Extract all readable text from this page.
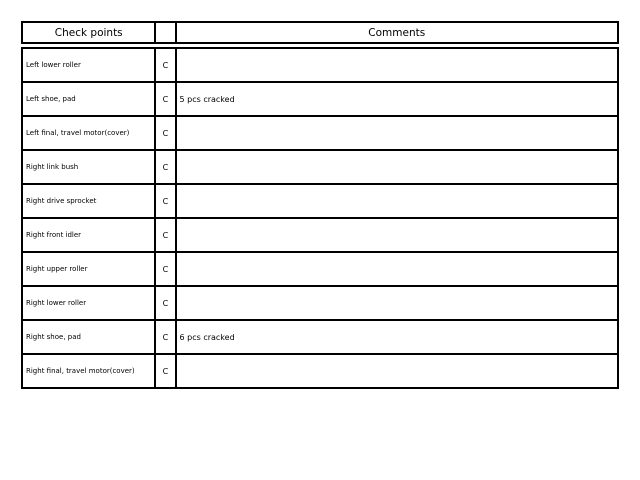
Check points		Comments
Left lower roller	C	
Left shoe, pad	C	5 pcs cracked
Left final, travel motor(cover)	C	
Right link bush	C	
Right drive sprocket	C	
Right front idler	C	
Right upper roller	C	
Right lower roller	C	
Right shoe, pad	C	6 pcs cracked
Right final, travel motor(cover)	C	
